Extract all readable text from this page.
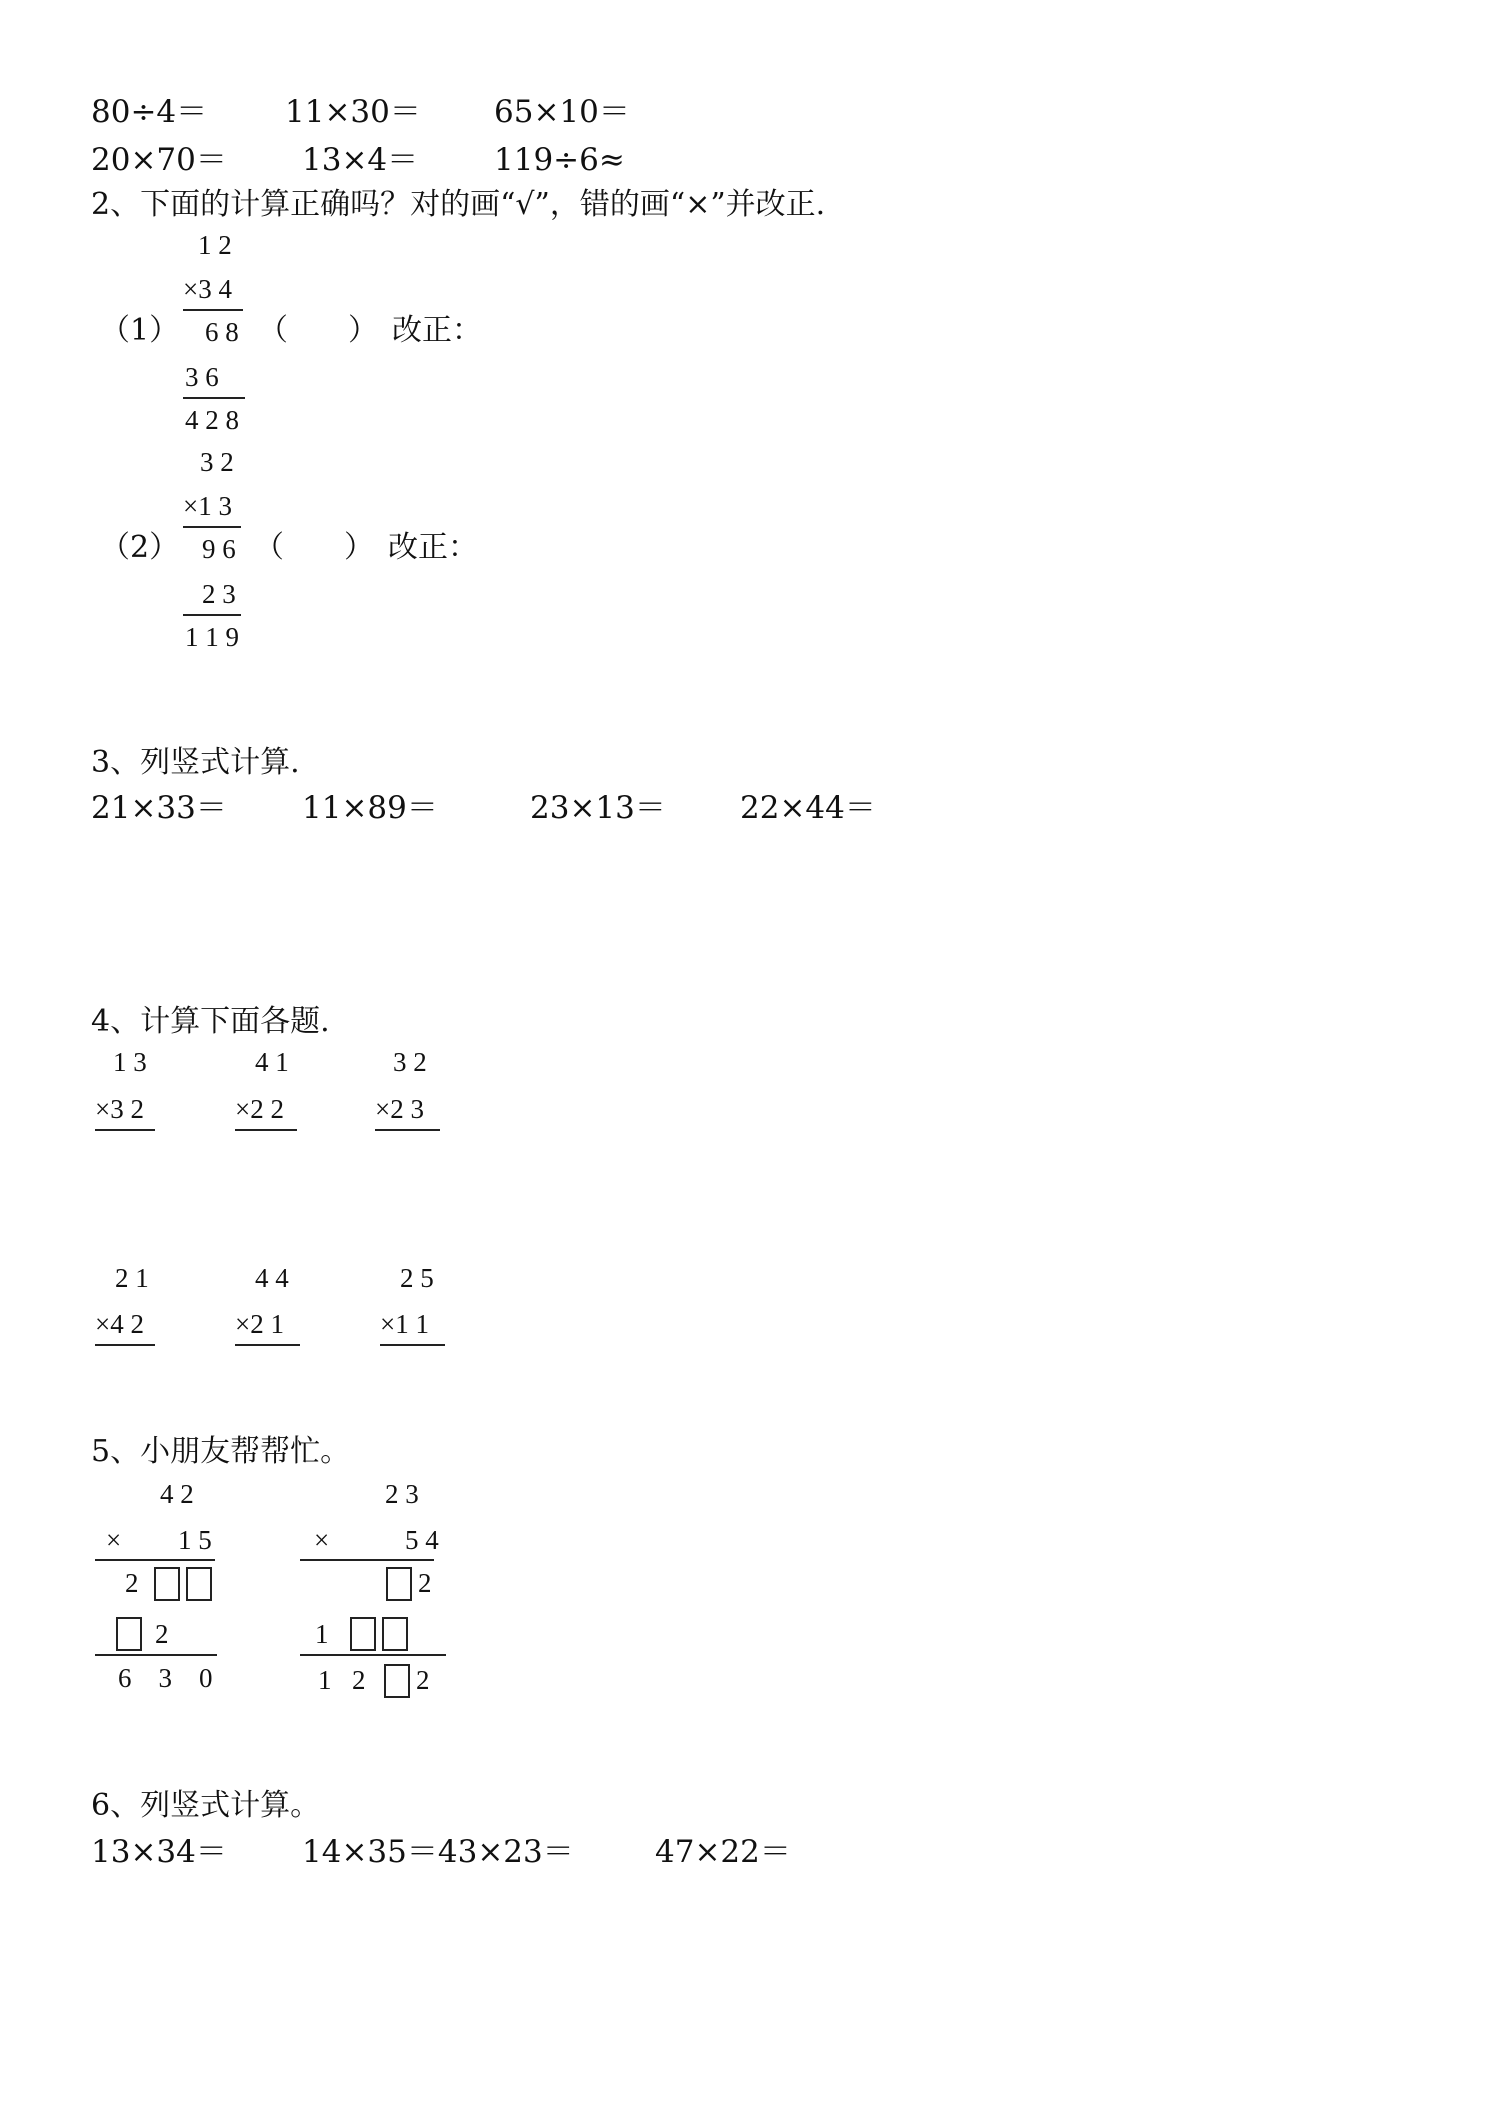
80÷4＝	11×30＝ 65×10＝
20×70＝ 13×4＝ 119÷6≈
2、下面的计算正确吗？对的画“√”，错的画“×”并改正.
1 2
×3 4
（1） 6 8 （　　） 改正：
3 6
4 2 8
3 2
×1 3
（2） 9 6 （　　） 改正：
2 3
1 1 9
3、列竖式计算.
21×33＝ 11×89＝	23×13＝ 22×44＝
4、计算下面各题.
1 3
×3 2
4 1
×2 2
3 2
×2 3
2 1
×4 2
4 4
×2 1
2 5
×1 1
5、小朋友帮帮忙。
4 2
× 1 5
2
2
6　3　0
2 3
×	5 4
2
1
1 2 2
6、列竖式计算。
13×34＝ 14×35＝43×23＝	47×22＝
